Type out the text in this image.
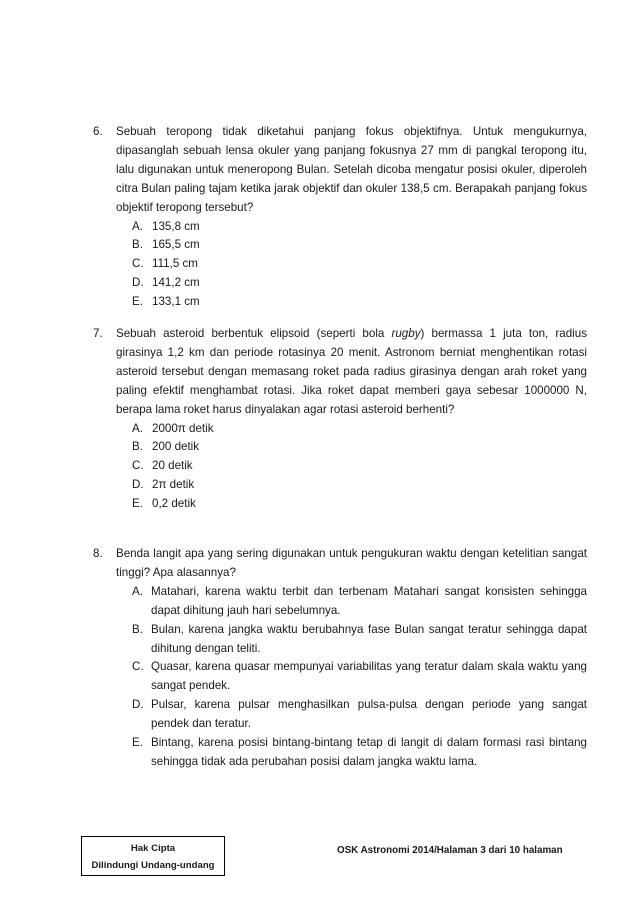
6. Sebuah teropong tidak diketahui panjang fokus objektifnya. Untuk mengukurnya, dipasanglah sebuah lensa okuler yang panjang fokusnya 27 mm di pangkal teropong itu, lalu digunakan untuk meneropong Bulan. Setelah dicoba mengatur posisi okuler, diperoleh citra Bulan paling tajam ketika jarak objektif dan okuler 138,5 cm. Berapakah panjang fokus objektif teropong tersebut?
A. 135,8 cm
B. 165,5 cm
C. 111,5 cm
D. 141,2 cm
E. 133,1 cm
7. Sebuah asteroid berbentuk elipsoid (seperti bola rugby) bermassa 1 juta ton, radius girasinya 1,2 km dan periode rotasinya 20 menit. Astronom berniat menghentikan rotasi asteroid tersebut dengan memasang roket pada radius girasinya dengan arah roket yang paling efektif menghambat rotasi. Jika roket dapat memberi gaya sebesar 1000000 N, berapa lama roket harus dinyalakan agar rotasi asteroid berhenti?
A. 2000π detik
B. 200 detik
C. 20 detik
D. 2π detik
E. 0,2 detik
8. Benda langit apa yang sering digunakan untuk pengukuran waktu dengan ketelitian sangat tinggi? Apa alasannya?
A. Matahari, karena waktu terbit dan terbenam Matahari sangat konsisten sehingga dapat dihitung jauh hari sebelumnya.
B. Bulan, karena jangka waktu berubahnya fase Bulan sangat teratur sehingga dapat dihitung dengan teliti.
C. Quasar, karena quasar mempunyai variabilitas yang teratur dalam skala waktu yang sangat pendek.
D. Pulsar, karena pulsar menghasilkan pulsa-pulsa dengan periode yang sangat pendek dan teratur.
E. Bintang, karena posisi bintang-bintang tetap di langit di dalam formasi rasi bintang sehingga tidak ada perubahan posisi dalam jangka waktu lama.
Hak Cipta
Dilindungi Undang-undang
OSK Astronomi 2014/Halaman 3 dari 10 halaman
